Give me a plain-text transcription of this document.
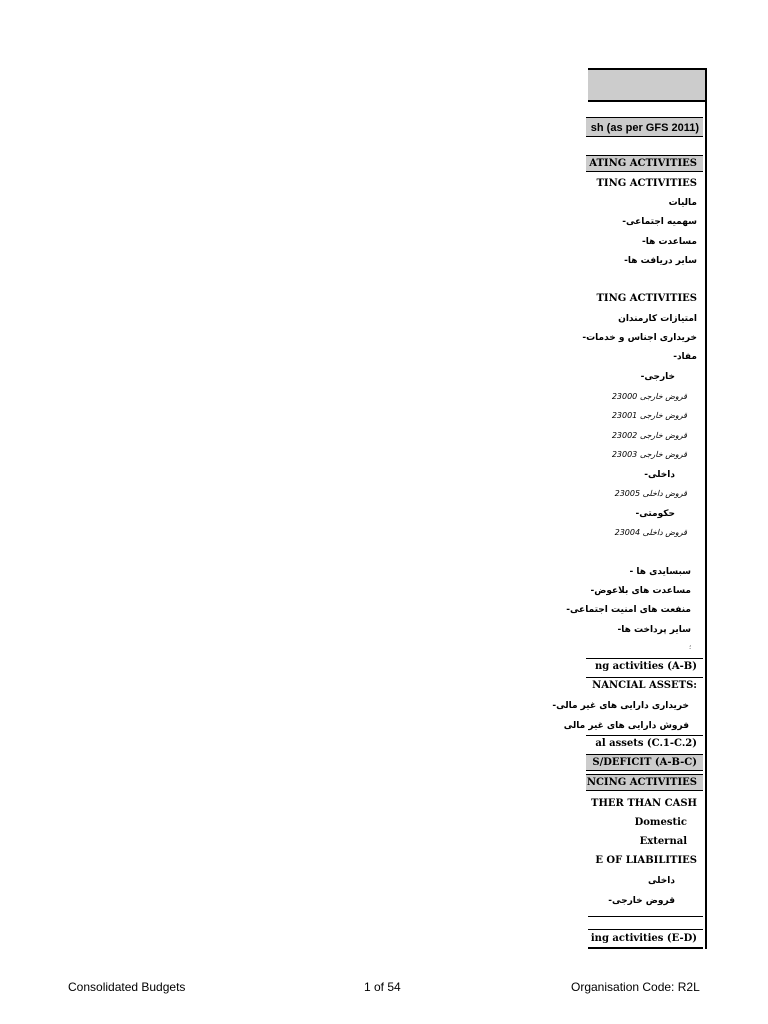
sh (as per GFS 2011)
ATING ACTIVITIES
TING ACTIVITIES
مالیات
-سهمیه اجتماعی
-مساعدت ها
-سایر دریافت ها
TING ACTIVITIES
امتیازات کارمندان
-خریداری اجناس و خدمات
-مفاد
-خارجی
23000 قروض خارجی
23001 قروض خارجی
23002 قروض خارجی
23003 قروض خارجی
-داخلی
23005 قروض داخلی
-حکومتی
23004 قروض داخلی
- سبسایدی ها
-مساعدت های بلاعوض
-منفعت های امنیت اجتماعی
-سایر پرداخت ها
؛
ng activities (A-B)
NANCIAL ASSETS:
-خریداری دارایی های غیر مالی
فروش دارایی های غیر مالی
al assets (C.1-C.2)
S/DEFICIT (A-B-C)
NCING ACTIVITIES
THER THAN CASH
Domestic
External
E OF LIABILITIES
داخلی
-قروض خارجی
ing activities (E-D)
Consolidated Budgets	1 of 54	Organisation Code: R2L
